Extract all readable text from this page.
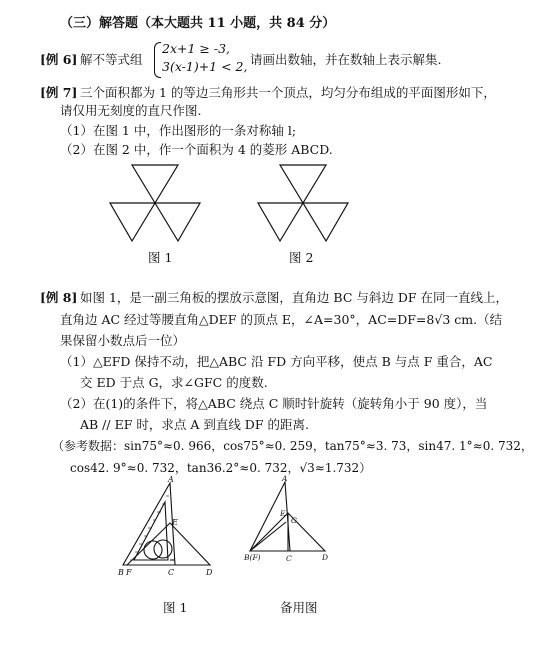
（三）解答题（本大题共 11 小题，共 84 分）
[例 6] 解不等式组
2x+1 ≥ -3,
3(x-1)+1 < 2, 请画出数轴，并在数轴上表示解集.
[例 7] 三个面积都为 1 的等边三角形共一个顶点，均匀分布组成的平面图形如下，
请仅用无刻度的直尺作图.
（1）在图 1 中，作出图形的一条对称轴 l;
（2）在图 2 中，作一个面积为 4 的菱形 ABCD.
图 1	图 2
[例 8] 如图 1，是一副三角板的摆放示意图，直角边 BC 与斜边 DF 在同一直线上，
直角边 AC 经过等腰直角△DEF 的顶点 E，∠A=30°，AC=DF=8√3 cm.（结
果保留小数点后一位）
（1）△EFD 保持不动，把△ABC 沿 FD 方向平移，使点 B 与点 F 重合，AC
交 ED 于点 G，求∠GFC 的度数.
（2）在(1)的条件下，将△ABC 绕点 C 顺时针旋转（旋转角小于 90 度），当
AB // EF 时，求点 A 到直线 DF 的距离.
（参考数据：sin75°≈0. 966，cos75°≈0. 259，tan75°≈3. 73，sin47. 1°≈0. 732，
cos42. 9°≈0. 732，tan36.2°≈0. 732，√3≈1.732）
A
E
B F	C	D
图 1
A
E
G
B(F)	C	D
备用图
